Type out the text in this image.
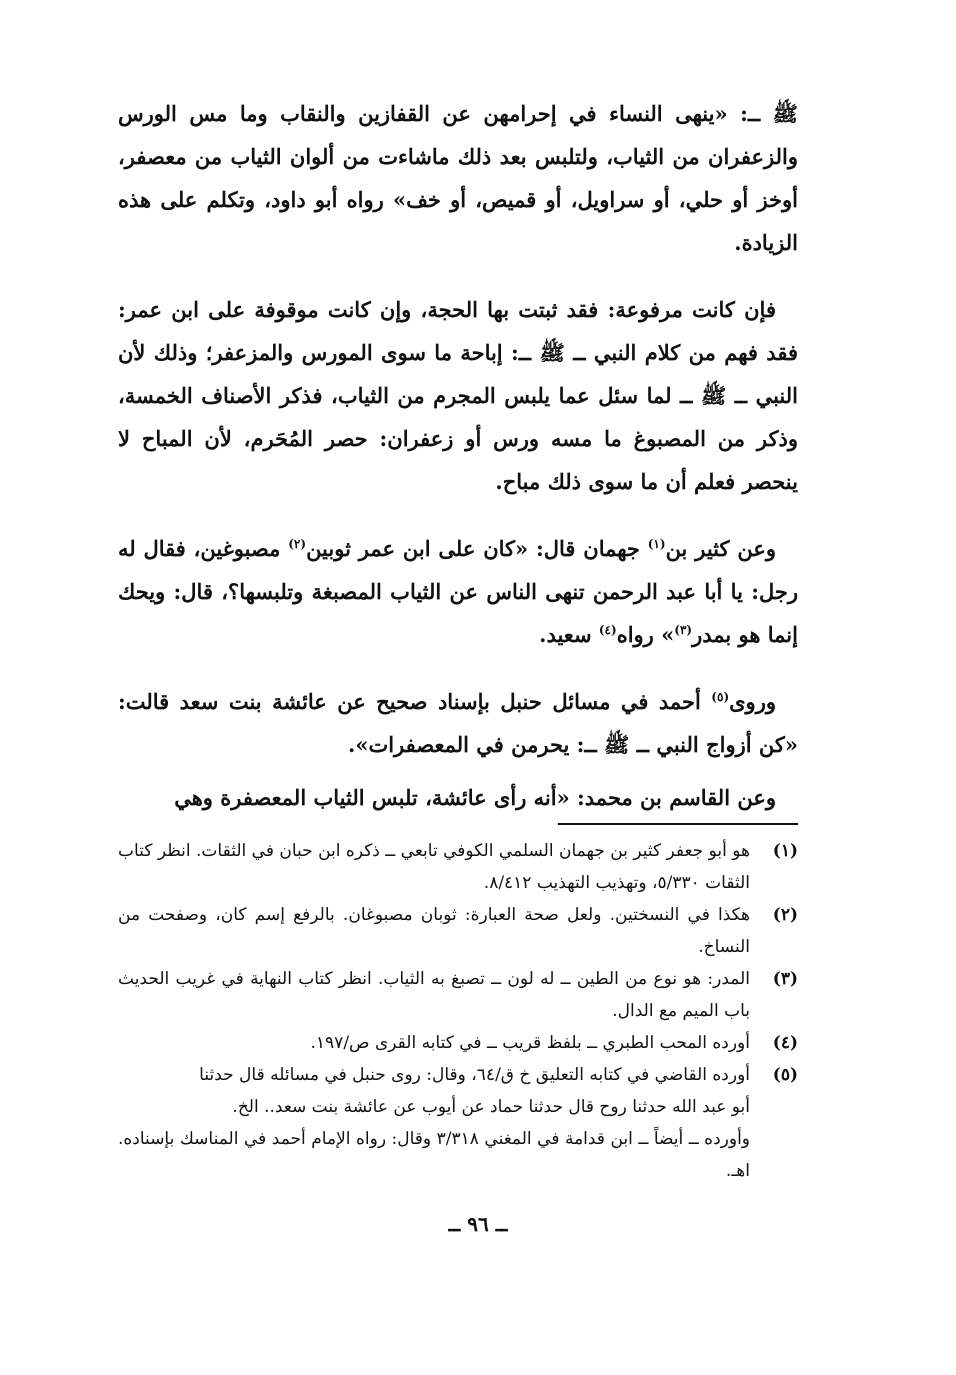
ﷺ ــ: «ينهى النساء في إحرامهن عن القفازين والنقاب وما مس الورس والزعفران من الثياب، ولتلبس بعد ذلك ماشاءت من ألوان الثياب من معصفر، أوخز أو حلي، أو سراويل، أو قميص، أو خف» رواه أبو داود، وتكلم على هذه الزيادة.

فإن كانت مرفوعة: فقد ثبتت بها الحجة، وإن كانت موقوفة على ابن عمر: فقد فهم من كلام النبي ــ ﷺ ــ: إباحة ما سوى المورس والمزعفر؛ وذلك لأن النبي ــ ﷺ ــ لما سئل عما يلبس المجرم من الثياب، فذكر الأصناف الخمسة، وذكر من المصبوغ ما مسه ورس أو زعفران: حصر المُحَرم، لأن المباح لا ينحصر فعلم أن ما سوى ذلك مباح.

وعن كثير بن$^{(١)}$ جهمان قال: «كان على ابن عمر ثوبين$^{(٢)}$ مصبوغين، فقال له رجل: يا أبا عبد الرحمن تنهى الناس عن الثياب المصبغة وتلبسها؟، قال: ويحك إنما هو بمدر$^{(٣)}$» رواه$^{(٤)}$ سعيد.

وروى$^{(٥)}$ أحمد في مسائل حنبل بإسناد صحيح عن عائشة بنت سعد قالت: «كن أزواج النبي ــ ﷺ ــ: يحرمن في المعصفرات».

وعن القاسم بن محمد: «أنه رأى عائشة، تلبس الثياب المعصفرة وهي

(١)
هو أبو جعفر كثير بن جهمان السلمي الكوفي تابعي ــ ذكره ابن حبان في الثقات. انظر كتاب الثقات ٥/٣٣٠، وتهذيب التهذيب ٨/٤١٢.
(٢)
هكذا في النسختين. ولعل صحة العبارة: ثوبان مصبوغان. بالرفع إسم كان، وصفحت من النساخ.
(٣)
المدر: هو نوع من الطين ــ له لون ــ تصبغ به الثياب. انظر كتاب النهاية في غريب الحديث باب الميم مع الدال.
(٤)
أورده المحب الطبري ــ بلفظ قريب ــ في كتابه القرى ص/١٩٧.
(٥)
أورده القاضي في كتابه التعليق خ ق/٦٤، وقال: روى حنبل في مسائله قال حدثنا
أبو عبد الله حدثنا روح قال حدثنا حماد عن أيوب عن عائشة بنت سعد.. الخ.
وأورده ــ أيضاً ــ ابن قدامة في المغني ٣/٣١٨ وقال: رواه الإمام أحمد في المناسك بإسناده. اهـ.
ــ ٩٦ ــ
